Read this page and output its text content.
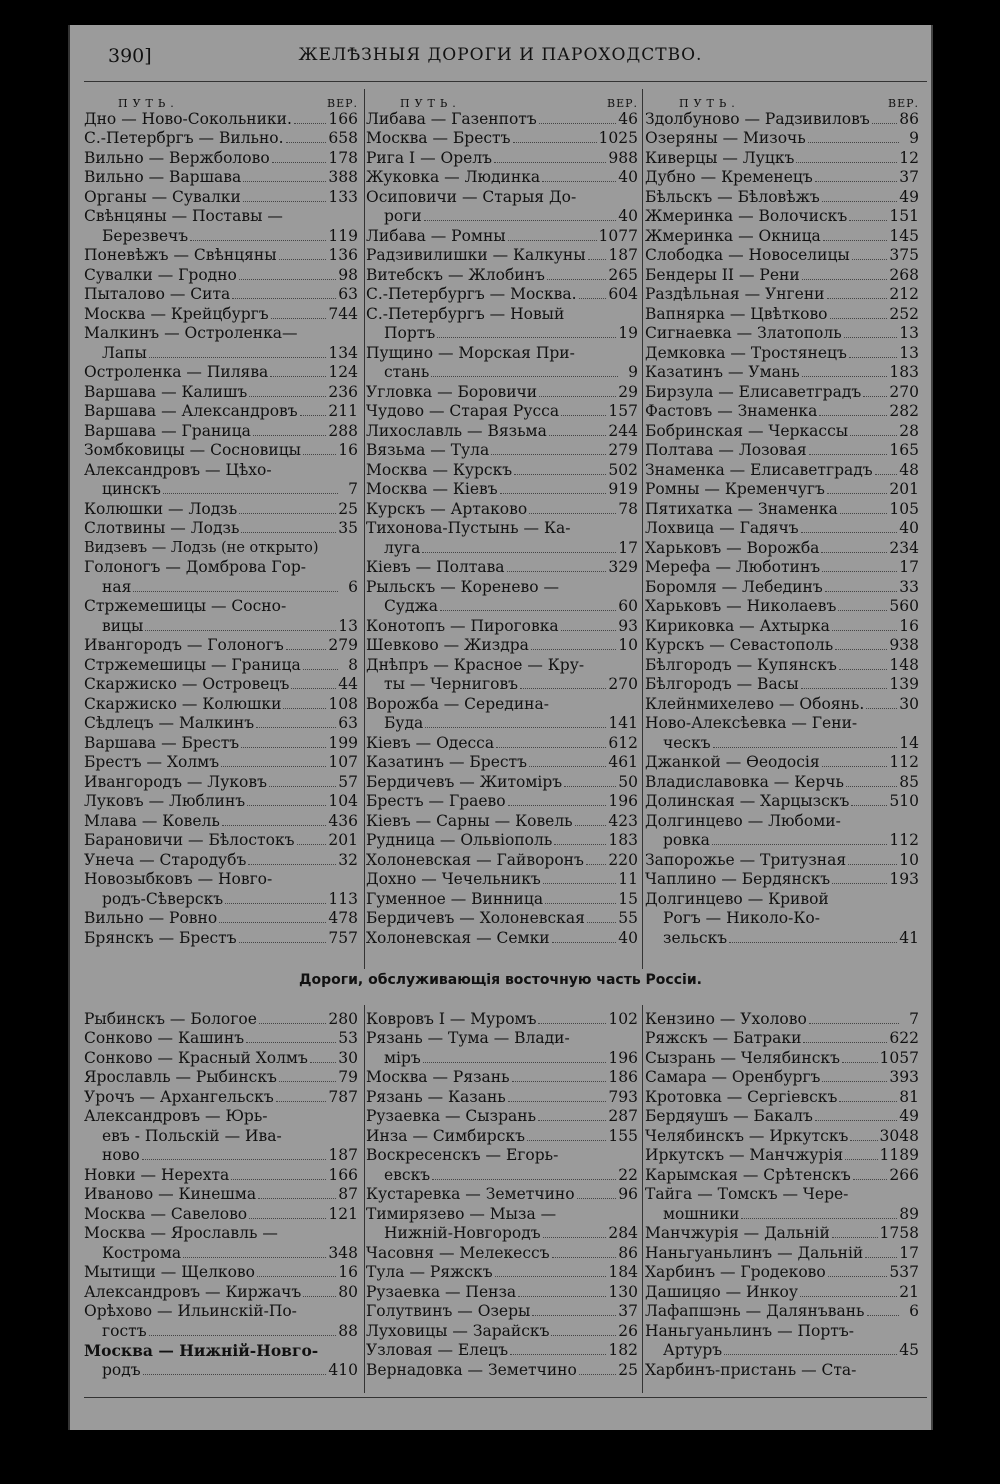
390]	ЖЕЛѢЗНЫЯ ДОРОГИ И ПАРОХОДСТВО.
ПУТЬ.	ВЕР.
Дно — Ново-Сокольники. 166
С.-Петербргъ — Вильно.	658
Вильно — Вержболово	178
Вильно — Варшава	388
Органы — Сувалки	133
Свѣнцяны — Поставы —
Березвечъ	119
Поневѣжъ — Свѣнцяны	136
Сувалки — Гродно	98
Пыталово — Сита	63
Москва — Крейцбургъ	744
Малкинъ — Остроленка—
Лапы	134
Остроленка — Пилява	124
Варшава — Калишъ	236
Варшава — Александровъ 211
Варшава — Граница	288
Зомбковицы — Сосновицы 16
Александровъ — Цѣхо-
цинскъ	7
Колюшки — Лодзь	25
Слотвины — Лодзь	35
Видзевъ — Лодзь (не открыто)
Голоногъ — Домброва Гор-
ная	6
Стржемешицы — Сосно-
вицы	13
Ивангородъ — Голоногъ	279
Стржемешицы — Граница	8
Скаржиско — Островецъ	44
Скаржиско — Колюшки	108
Сѣдлецъ — Малкинъ	63
Варшава — Брестъ	199
Брестъ — Холмъ	107
Ивангородъ — Луковъ	57
Луковъ — Люблинъ	104
Млава — Ковель	436
Барановичи — Бѣлостокъ 201
Унеча — Стародубъ	32
Новозыбковъ — Новго-
родъ-Сѣверскъ	113
Вильно — Ровно	478
Брянскъ — Брестъ	757
ПУТЬ.	ВЕР.
Либава — Газенпотъ	46
Москва — Брестъ	1025
Рига I — Орелъ	988
Жуковка — Людинка	40
Осиповичи — Старыя До-
роги	40
Либава — Ромны	1077
Радзивилишки — Калкуны 187
Витебскъ — Жлобинъ	265
С.-Петербургъ — Москва. 604
С.-Петербургъ — Новый
Портъ	19
Пущино — Морская При-
стань	9
Угловка — Боровичи	29
Чудово — Старая Русса	157
Лихославль — Вязьма	244
Вязьма — Тула	279
Москва — Курскъ	502
Москва — Кіевъ	919
Курскъ — Артаково	78
Тихонова-Пустынь — Ка-
луга	17
Кіевъ — Полтава	329
Рыльскъ — Коренево —
Суджа	60
Конотопъ — Пироговка	93
Шевково — Жиздра	10
Днѣпръ — Красное — Кру-
ты — Черниговъ	270
Ворожба — Середина-
Буда	141
Кіевъ — Одесса	612
Казатинъ — Брестъ	461
Бердичевъ — Житоміръ	50
Брестъ — Граево	196
Кіевъ — Сарны — Ковель 423
Рудница — Ольвіополь	183
Холоневская — Гайворонъ 220
Дохно — Чечельникъ	11
Гуменное — Винница	15
Бердичевъ — Холоневская 55
Холоневская — Семки	40
ПУТЬ.	ВЕР.
Здолбуново — Радзивиловъ 86
Озеряны — Мизочь	9
Киверцы — Луцкъ	12
Дубно — Кременецъ	37
Бѣльскъ — Бѣловѣжъ	49
Жмеринка — Волочискъ	151
Жмеринка — Окница	145
Слободка — Новоселицы	375
Бендеры II — Рени	268
Раздѣльная — Унгени	212
Вапнярка — Цвѣтково	252
Сигнаевка — Златополь	13
Демковка — Тростянецъ	13
Казатинъ — Умань	183
Бирзула — Елисаветградъ 270
Фастовъ — Знаменка	282
Бобринская — Черкассы	28
Полтава — Лозовая	165
Знаменка — Елисаветградъ 48
Ромны — Кременчугъ	201
Пятихатка — Знаменка	105
Лохвица — Гадячъ	40
Харьковъ — Ворожба	234
Мерефа — Люботинъ	17
Боромля — Лебединъ	33
Харьковъ — Николаевъ	560
Кириковка — Ахтырка	16
Курскъ — Севастополь	938
Бѣлгородъ — Купянскъ	148
Бѣлгородъ — Васы	139
Клейнмихелево — Обоянь. 30
Ново-Алексѣевка — Гени-
ческъ	14
Джанкой — Ѳеодосія	112
Владиславовка — Керчь	85
Долинская — Харцызскъ	510
Долгинцево — Любоми-
ровка	112
Запорожье — Тритузная	10
Чаплино — Бердянскъ	193
Долгинцево — Кривой
Рогъ — Николо-Ко-
зельскъ	41
Дороги, обслуживающія восточную часть Россіи.
Рыбинскъ — Бологое	280
Сонково — Кашинъ	53
Сонково — Красный Холмъ 30
Ярославль — Рыбинскъ	79
Урочъ — Архангельскъ	787
Александровъ — Юрь-
евъ - Польскій — Ива-
ново	187
Новки — Нерехта	166
Иваново — Кинешма	87
Москва — Савелово	121
Москва — Ярославль —
Кострома	348
Мытищи — Щелково	16
Александровъ — Киржачъ 80
Орѣхово — Ильинскій-По-
гостъ	88
Москва — Нижній-Новго-
родъ	410
Ковровъ I — Муромъ	102
Рязань — Тума — Влади-
міръ	196
Москва — Рязань	186
Рязань — Казань	793
Рузаевка — Сызрань	287
Инза — Симбирскъ	155
Воскресенскъ — Егорь-
евскъ	22
Кустаревка — Земетчино	96
Тимирязево — Мыза —
Нижній-Новгородъ	284
Часовня — Мелекессъ	86
Тула — Ряжскъ	184
Рузаевка — Пенза	130
Голутвинъ — Озеры	37
Луховицы — Зарайскъ	26
Узловая — Елецъ	182
Вернадовка — Земетчино	25
Кензино — Ухолово	7
Ряжскъ — Батраки	622
Сызрань — Челябинскъ	1057
Самара — Оренбургъ	393
Кротовка — Сергіевскъ	81
Бердяушъ — Бакалъ	49
Челябинскъ — Иркутскъ 3048
Иркутскъ — Манчжурія 1189
Карымская — Срѣтенскъ 266
Тайга — Томскъ — Чере-
мошники	89
Манчжурія — Дальній	1758
Наньгуаньлинъ — Дальній 17
Харбинъ — Гродеково	537
Дашицяо — Инкоу	21
Лафапшэнь — Далянъвань	6
Наньгуаньлинъ — Портъ-
Артуръ	45
Харбинъ-пристань — Ста-
